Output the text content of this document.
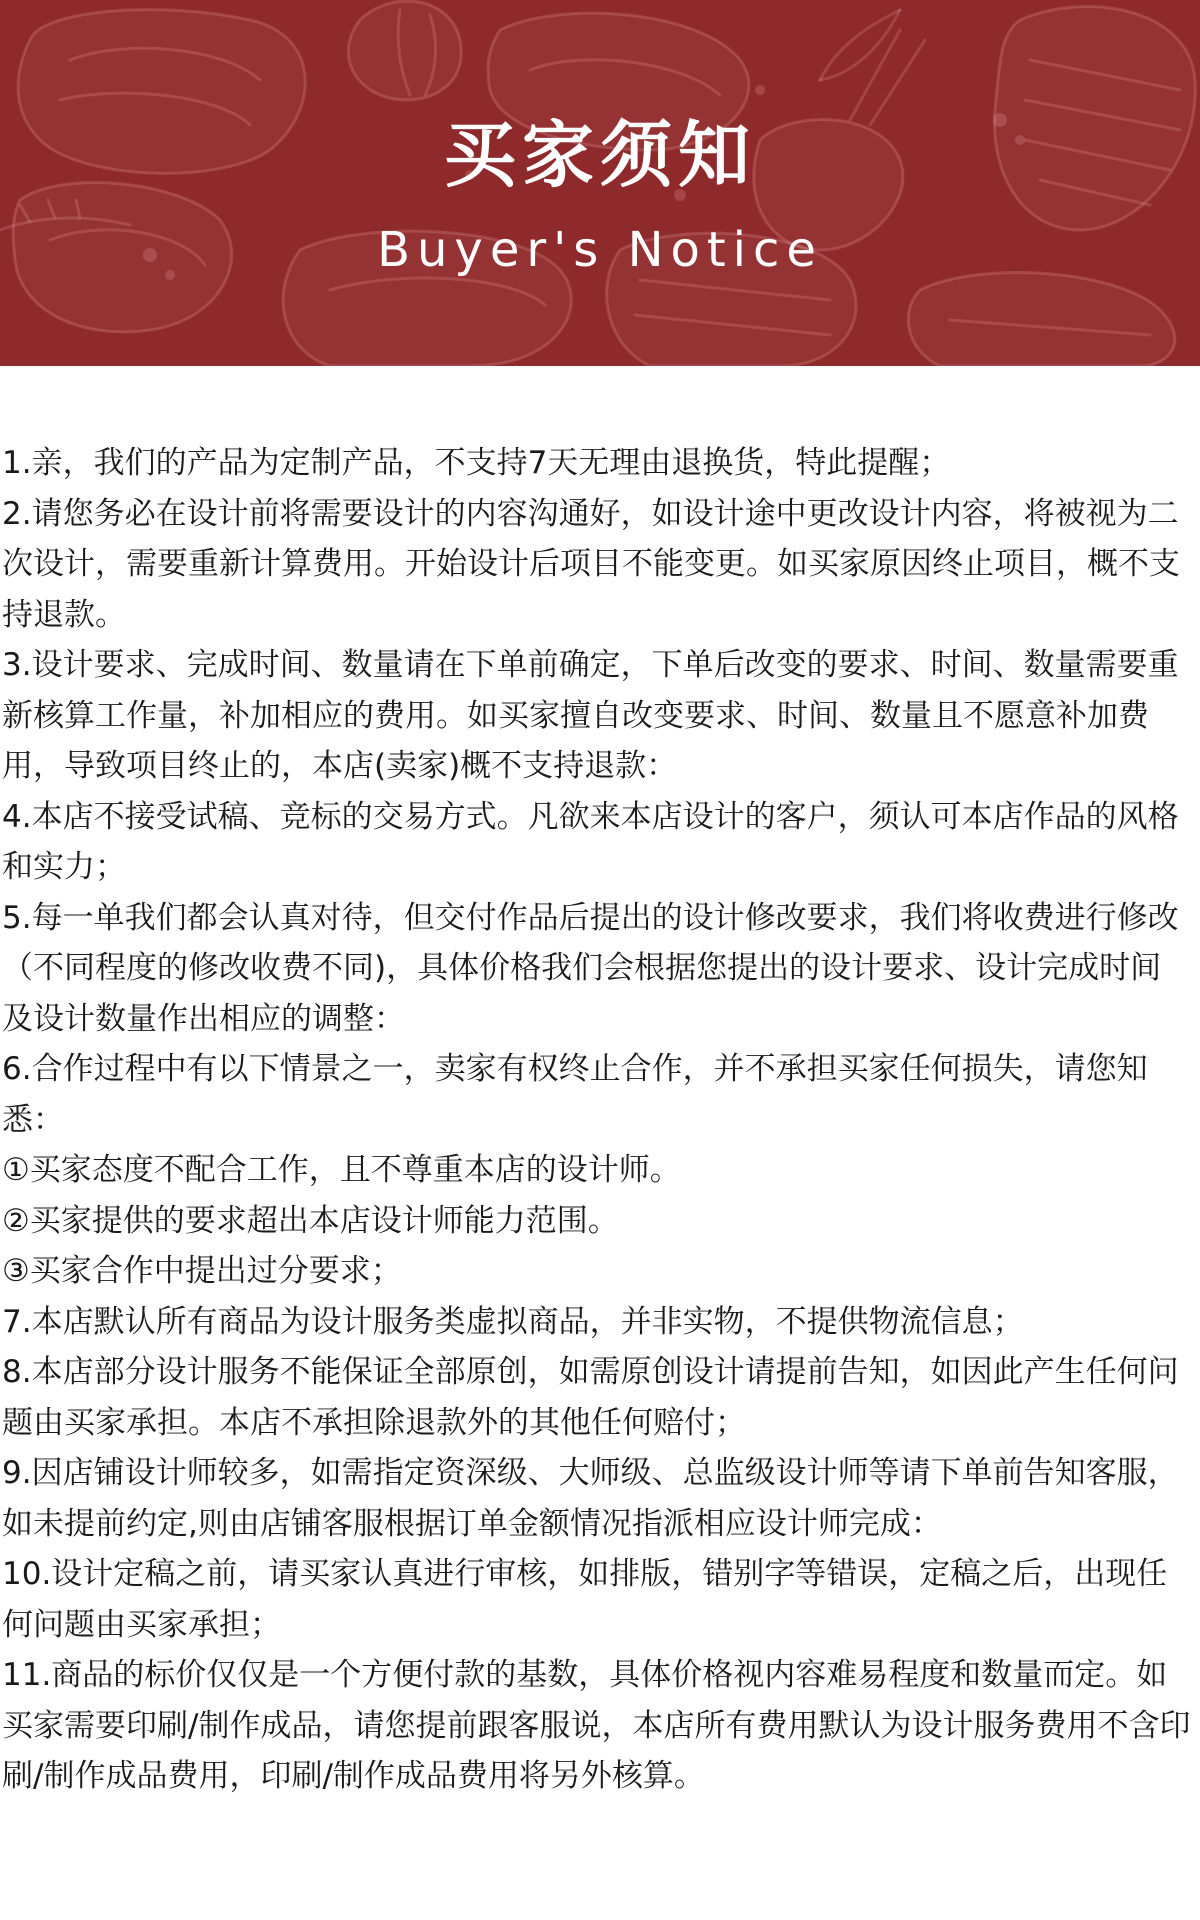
买家须知
Buyer's Notice

1.亲，我们的产品为定制产品，不支持7天无理由退换货，特此提醒；

2.请您务必在设计前将需要设计的内容沟通好，如设计途中更改设计内容，将被视为二次设计，需要重新计算费用。开始设计后项目不能变更。如买家原因终止项目，概不支持退款。

3.设计要求、完成时间、数量请在下单前确定，下单后改变的要求、时间、数量需要重新核算工作量，补加相应的费用。如买家擅自改变要求、时间、数量且不愿意补加费用，导致项目终止的，本店(卖家)概不支持退款：

4.本店不接受试稿、竞标的交易方式。凡欲来本店设计的客户，须认可本店作品的风格和实力；

5.每一单我们都会认真对待，但交付作品后提出的设计修改要求，我们将收费进行修改（不同程度的修改收费不同)，具体价格我们会根据您提出的设计要求、设计完成时间及设计数量作出相应的调整：

6.合作过程中有以下情景之一，卖家有权终止合作，并不承担买家任何损失，请您知悉：

①买家态度不配合工作，且不尊重本店的设计师。

②买家提供的要求超出本店设计师能力范围。

③买家合作中提出过分要求；

7.本店默认所有商品为设计服务类虚拟商品，并非实物，不提供物流信息；

8.本店部分设计服务不能保证全部原创，如需原创设计请提前告知，如因此产生任何问题由买家承担。本店不承担除退款外的其他任何赔付；

9.因店铺设计师较多，如需指定资深级、大师级、总监级设计师等请下单前告知客服，如未提前约定,则由店铺客服根据订单金额情况指派相应设计师完成：

10.设计定稿之前，请买家认真进行审核，如排版，错别字等错误，定稿之后，出现任何问题由买家承担；

11.商品的标价仅仅是一个方便付款的基数，具体价格视内容难易程度和数量而定。如买家需要印刷/制作成品，请您提前跟客服说，本店所有费用默认为设计服务费用不含印刷/制作成品费用，印刷/制作成品费用将另外核算。
